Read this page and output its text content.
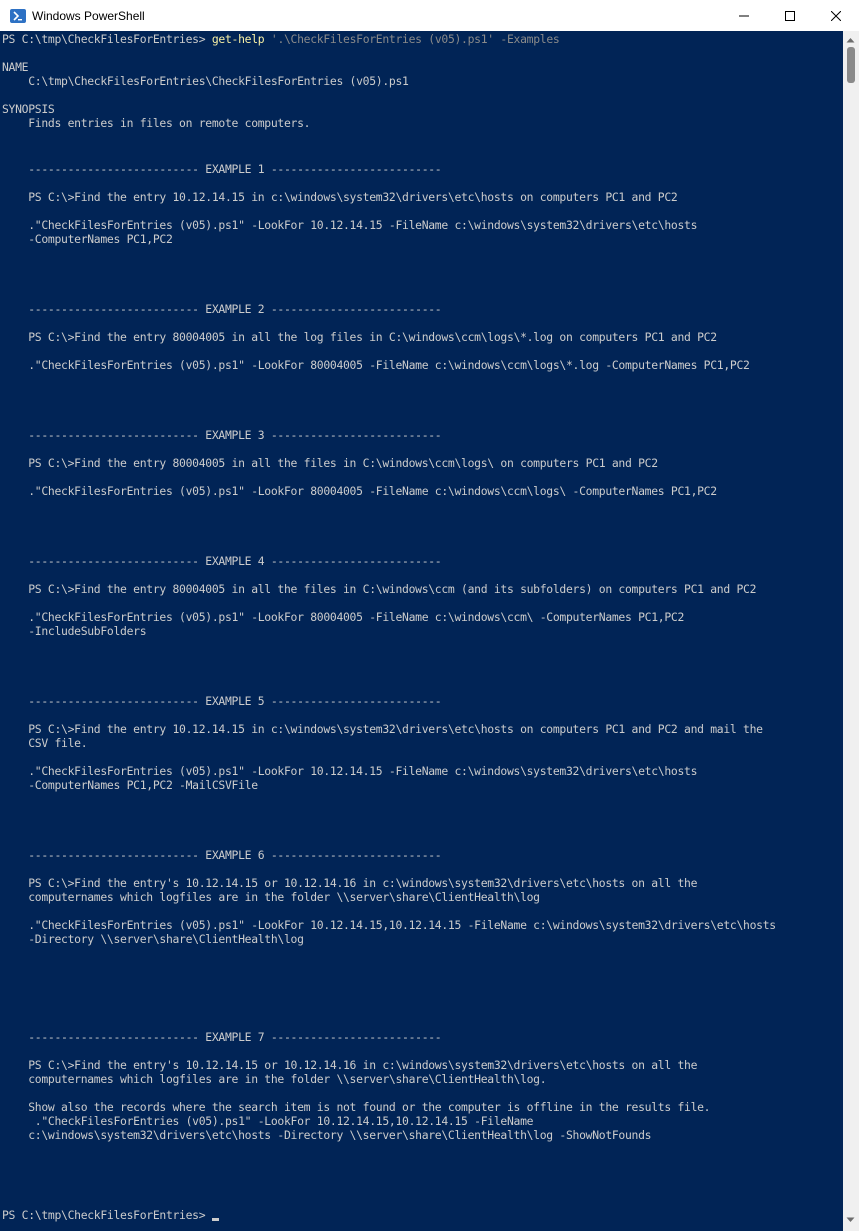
Windows PowerShell
PS C:\tmp\CheckFilesForEntries> get-help '.\CheckFilesForEntries (v05).ps1' -Examples
NAME
C:\tmp\CheckFilesForEntries\CheckFilesForEntries (v05).ps1
SYNOPSIS
Finds entries in files on remote computers.
-------------------------- EXAMPLE 1 --------------------------
PS C:\>Find the entry 10.12.14.15 in c:\windows\system32\drivers\etc\hosts on computers PC1 and PC2
."CheckFilesForEntries (v05).ps1" -LookFor 10.12.14.15 -FileName c:\windows\system32\drivers\etc\hosts
-ComputerNames PC1,PC2
-------------------------- EXAMPLE 2 --------------------------
PS C:\>Find the entry 80004005 in all the log files in C:\windows\ccm\logs\*.log on computers PC1 and PC2
."CheckFilesForEntries (v05).ps1" -LookFor 80004005 -FileName c:\windows\ccm\logs\*.log -ComputerNames PC1,PC2
-------------------------- EXAMPLE 3 --------------------------
PS C:\>Find the entry 80004005 in all the files in C:\windows\ccm\logs\ on computers PC1 and PC2
."CheckFilesForEntries (v05).ps1" -LookFor 80004005 -FileName c:\windows\ccm\logs\ -ComputerNames PC1,PC2
-------------------------- EXAMPLE 4 --------------------------
PS C:\>Find the entry 80004005 in all the files in C:\windows\ccm (and its subfolders) on computers PC1 and PC2
."CheckFilesForEntries (v05).ps1" -LookFor 80004005 -FileName c:\windows\ccm\ -ComputerNames PC1,PC2
-IncludeSubFolders
-------------------------- EXAMPLE 5 --------------------------
PS C:\>Find the entry 10.12.14.15 in c:\windows\system32\drivers\etc\hosts on computers PC1 and PC2 and mail the
CSV file.
."CheckFilesForEntries (v05).ps1" -LookFor 10.12.14.15 -FileName c:\windows\system32\drivers\etc\hosts
-ComputerNames PC1,PC2 -MailCSVFile
-------------------------- EXAMPLE 6 --------------------------
PS C:\>Find the entry's 10.12.14.15 or 10.12.14.16 in c:\windows\system32\drivers\etc\hosts on all the
computernames which logfiles are in the folder \\server\share\ClientHealth\log
."CheckFilesForEntries (v05).ps1" -LookFor 10.12.14.15,10.12.14.15 -FileName c:\windows\system32\drivers\etc\hosts
-Directory \\server\share\ClientHealth\log
-------------------------- EXAMPLE 7 --------------------------
PS C:\>Find the entry's 10.12.14.15 or 10.12.14.16 in c:\windows\system32\drivers\etc\hosts on all the
computernames which logfiles are in the folder \\server\share\ClientHealth\log.
Show also the records where the search item is not found or the computer is offline in the results file.
."CheckFilesForEntries (v05).ps1" -LookFor 10.12.14.15,10.12.14.15 -FileName
c:\windows\system32\drivers\etc\hosts -Directory \\server\share\ClientHealth\log -ShowNotFounds
PS C:\tmp\CheckFilesForEntries>
